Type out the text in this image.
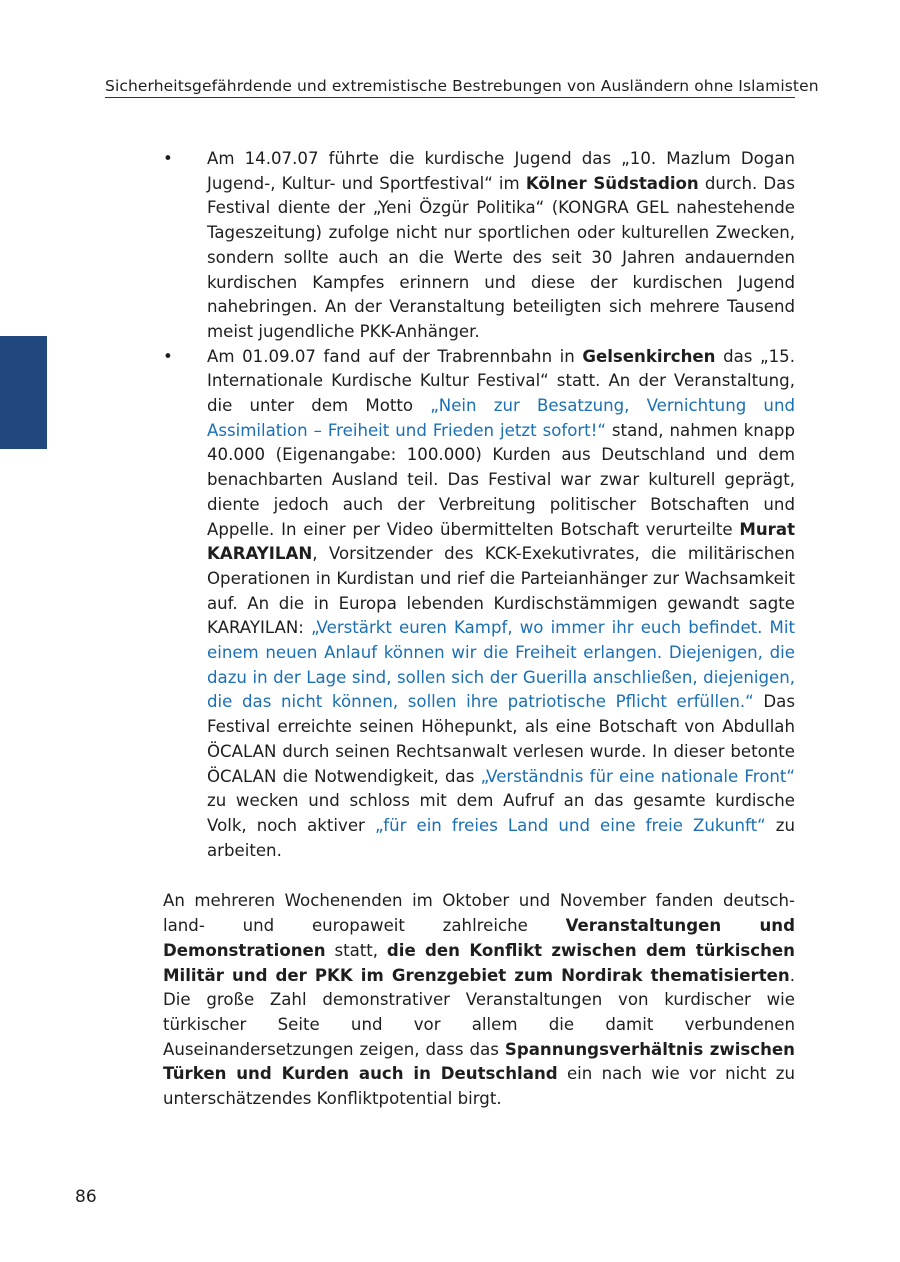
Sicherheitsgefährdende und extremistische Bestrebungen von Ausländern ohne Islamisten
• Am 14.07.07 führte die kurdische Jugend das „10. Mazlum Dogan Jugend-, Kultur- und Sportfestival“ im Kölner Südstadion durch. Das Festival diente der „Yeni Özgür Politika“ (KONGRA GEL nahestehende Tageszeitung) zufolge nicht nur sportlichen oder kulturellen Zwecken, sondern sollte auch an die Werte des seit 30 Jahren andauernden kurdischen Kampfes erinnern und diese der kurdischen Jugend nahebringen. An der Veranstaltung beteiligten sich mehrere Tausend meist jugendliche PKK-Anhänger.
• Am 01.09.07 fand auf der Trabrennbahn in Gelsenkirchen das „15. Internationale Kurdische Kultur Festival“ statt. An der Veranstaltung, die unter dem Motto „Nein zur Besatzung, Vernichtung und Assimilation – Freiheit und Frieden jetzt sofort!“ stand, nahmen knapp 40.000 (Eigenangabe: 100.000) Kurden aus Deutschland und dem benachbarten Ausland teil. Das Festival war zwar kulturell geprägt, diente jedoch auch der Verbreitung politischer Botschaften und Appelle. In einer per Video übermittelten Botschaft verurteilte Murat KARAYILAN, Vorsitzender des KCK-Exekutivrates, die militärischen Operationen in Kurdistan und rief die Parteianhänger zur Wachsamkeit auf. An die in Europa lebenden Kurdischstämmigen gewandt sagte KARAYILAN: „Verstärkt euren Kampf, wo immer ihr euch befindet. Mit einem neuen Anlauf können wir die Freiheit erlangen. Diejenigen, die dazu in der Lage sind, sollen sich der Guerilla anschließen, diejenigen, die das nicht können, sollen ihre patriotische Pflicht erfüllen.“ Das Festival erreichte seinen Höhepunkt, als eine Botschaft von Abdullah ÖCALAN durch seinen Rechtsanwalt verlesen wurde. In dieser betonte ÖCALAN die Notwendigkeit, das „Verständnis für eine nationale Front“ zu wecken und schloss mit dem Aufruf an das gesamte kurdische Volk, noch aktiver „für ein freies Land und eine freie Zukunft“ zu arbeiten.

An mehreren Wochenenden im Oktober und November fanden deutschland- und europaweit zahlreiche Veranstaltungen und Demonstrationen statt, die den Konflikt zwischen dem türkischen Militär und der PKK im Grenzgebiet zum Nordirak thematisierten. Die große Zahl demonstrativer Veranstaltungen von kurdischer wie türkischer Seite und vor allem die damit verbundenen Auseinandersetzungen zeigen, dass das Spannungsverhältnis zwischen Türken und Kurden auch in Deutschland ein nach wie vor nicht zu unterschätzendes Konfliktpotential birgt.

86
